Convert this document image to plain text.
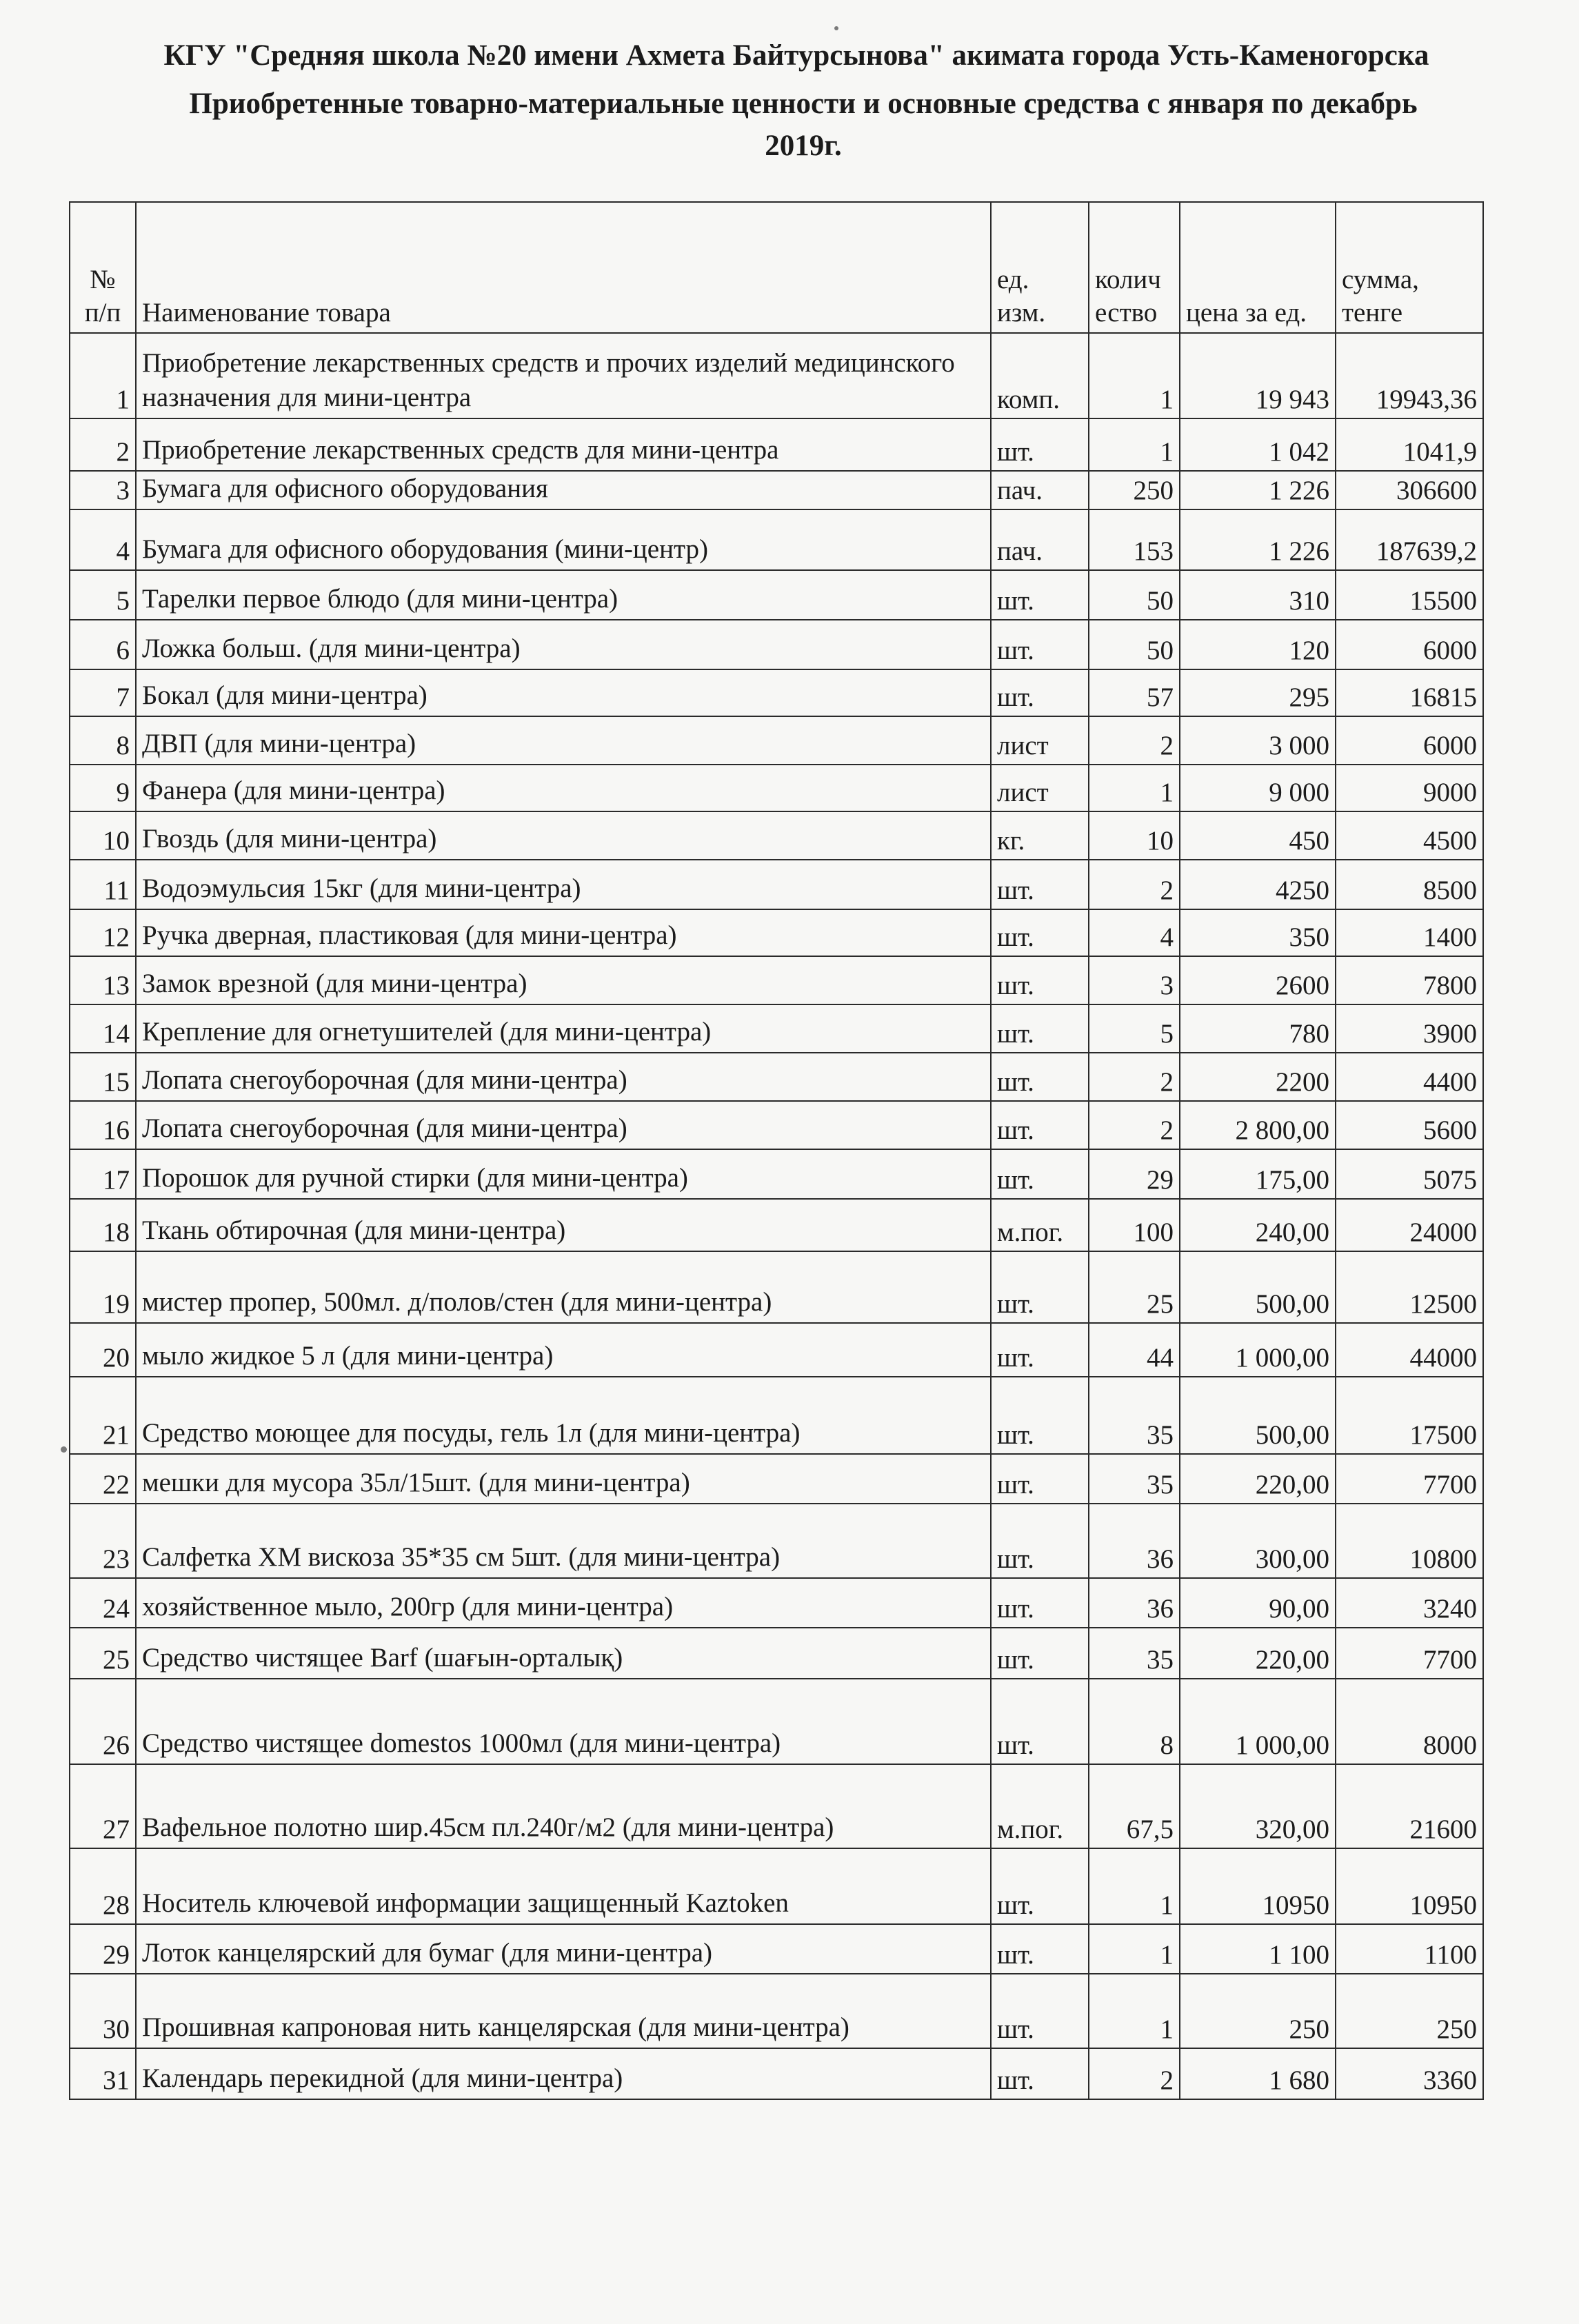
КГУ "Средняя школа №20 имени Ахмета Байтурсынова" акимата города Усть-Каменогорска
Приобретенные товарно-материальные ценности и основные средства с января по декабрь
2019г.
№ п/п	Наименование товара	ед. изм.	количество	цена за ед.	сумма, тенге
1	Приобретение лекарственных средств и прочих изделий медицинского назначения для мини-центра	комп.	1	19 943	19943,36
2	Приобретение лекарственных средств для мини-центра	шт.	1	1 042	1041,9
3	Бумага для офисного оборудования	пач.	250	1 226	306600
4	Бумага для офисного оборудования (мини-центр)	пач.	153	1 226	187639,2
5	Тарелки первое блюдо (для мини-центра)	шт.	50	310	15500
6	Ложка больш. (для мини-центра)	шт.	50	120	6000
7	Бокал (для мини-центра)	шт.	57	295	16815
8	ДВП (для мини-центра)	лист	2	3 000	6000
9	Фанера (для мини-центра)	лист	1	9 000	9000
10	Гвоздь (для мини-центра)	кг.	10	450	4500
11	Водоэмульсия 15кг (для мини-центра)	шт.	2	4250	8500
12	Ручка дверная, пластиковая (для мини-центра)	шт.	4	350	1400
13	Замок врезной (для мини-центра)	шт.	3	2600	7800
14	Крепление для огнетушителей (для мини-центра)	шт.	5	780	3900
15	Лопата снегоуборочная (для мини-центра)	шт.	2	2200	4400
16	Лопата снегоуборочная (для мини-центра)	шт.	2	2 800,00	5600
17	Порошок для ручной стирки (для мини-центра)	шт.	29	175,00	5075
18	Ткань обтирочная (для мини-центра)	м.пог.	100	240,00	24000
19	мистер пропер, 500мл. д/полов/стен (для мини-центра)	шт.	25	500,00	12500
20	мыло жидкое 5 л (для мини-центра)	шт.	44	1 000,00	44000
21	Средство моющее для посуды, гель 1л (для мини-центра)	шт.	35	500,00	17500
22	мешки для мусора 35л/15шт. (для мини-центра)	шт.	35	220,00	7700
23	Салфетка ХМ вискоза 35*35 см 5шт. (для мини-центра)	шт.	36	300,00	10800
24	хозяйственное мыло, 200гр (для мини-центра)	шт.	36	90,00	3240
25	Средство чистящее Barf (шағын-орталық)	шт.	35	220,00	7700
26	Средство чистящее domestos 1000мл (для мини-центра)	шт.	8	1 000,00	8000
27	Вафельное полотно шир.45см пл.240г/м2 (для мини-центра)	м.пог.	67,5	320,00	21600
28	Носитель ключевой информации защищенный Kaztoken	шт.	1	10950	10950
29	Лоток канцелярский для бумаг (для мини-центра)	шт.	1	1 100	1100
30	Прошивная капроновая нить канцелярская (для мини-центра)	шт.	1	250	250
31	Календарь перекидной (для мини-центра)	шт.	2	1 680	3360
